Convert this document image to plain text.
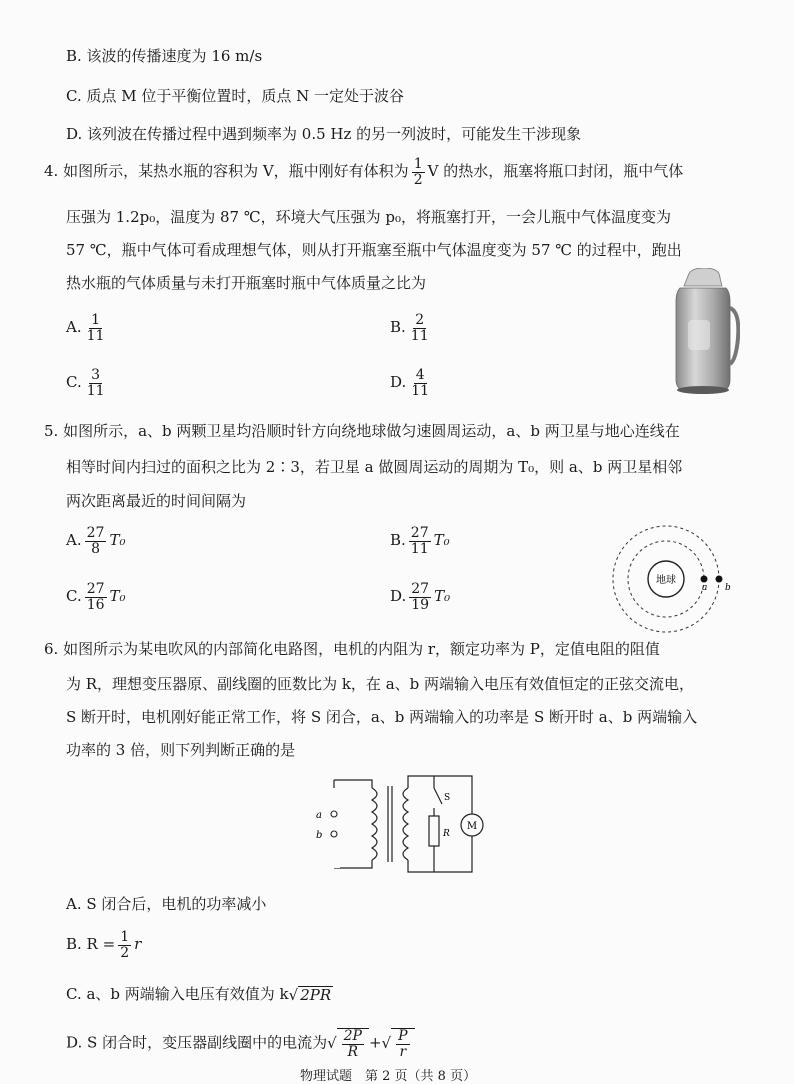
B. 该波的传播速度为 16 m/s
C. 质点 M 位于平衡位置时，质点 N 一定处于波谷
D. 该列波在传播过程中遇到频率为 0.5 Hz 的另一列波时，可能发生干涉现象
4. 如图所示，某热水瓶的容积为 V，瓶中刚好有体积为 $\frac{1}{2}$ V 的热水，瓶塞将瓶口封闭，瓶中气体
压强为 1.2p₀，温度为 87 ℃，环境大气压强为 p₀，将瓶塞打开，一会儿瓶中气体温度变为
57 ℃，瓶中气体可看成理想气体，则从打开瓶塞至瓶中气体温度变为 57 ℃ 的过程中，跑出
热水瓶的气体质量与未打开瓶塞时瓶中气体质量之比为
A. $\frac{1}{11}$	B. $\frac{2}{11}$
C. $\frac{3}{11}$	D. $\frac{4}{11}$
5. 如图所示，a、b 两颗卫星均沿顺时针方向绕地球做匀速圆周运动，a、b 两卫星与地心连线在
相等时间内扫过的面积之比为 2∶3，若卫星 a 做圆周运动的周期为 T₀，则 a、b 两卫星相邻
两次距离最近的时间间隔为
A. $\frac{27}{8} T_0$	B. $\frac{27}{11} T_0$
C. $\frac{27}{16} T_0$	D. $\frac{27}{19} T_0$
地球
a b
6. 如图所示为某电吹风的内部简化电路图，电机的内阻为 r，额定功率为 P，定值电阻的阻值
为 R，理想变压器原、副线圈的匝数比为 k，在 a、b 两端输入电压有效值恒定的正弦交流电，
S 断开时，电机刚好能正常工作，将 S 闭合，a、b 两端输入的功率是 S 断开时 a、b 两端输入
功率的 3 倍，则下列判断正确的是
a
b
S
R
M
A. S 闭合后，电机的功率减小
B. $R = \frac{1}{2}$ r
C. a、b 两端输入电压有效值为 k√ 2PR
D. S 闭合时，变压器副线圈中的电流为√ $\frac{2P}{R}$ +√ $\frac{P}{r}$
物理试题　第 2 页（共 8 页）
